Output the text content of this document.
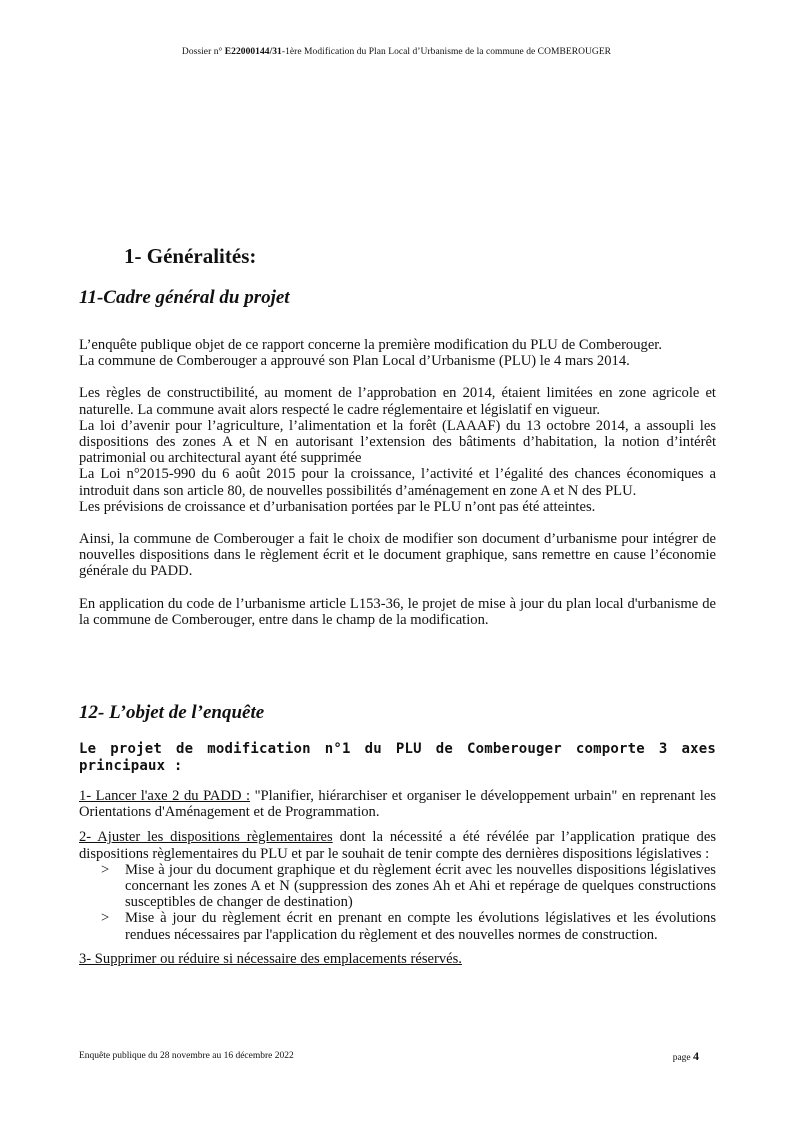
Dossier n° E22000144/31-1ère Modification du Plan Local d’Urbanisme de la commune de COMBEROUGER
1- Généralités:
11-Cadre général du projet

L’enquête publique objet de ce rapport concerne la première modification du PLU de Comberouger.

La commune de Comberouger a approuvé son Plan Local d’Urbanisme (PLU) le 4 mars 2014.

Les règles de constructibilité, au moment de l’approbation en 2014, étaient limitées en zone agricole et naturelle. La commune avait alors respecté le cadre réglementaire et législatif en vigueur.

La loi d’avenir pour l’agriculture, l’alimentation et la forêt (LAAAF) du 13 octobre 2014, a assoupli les dispositions des zones A et N en autorisant l’extension des bâtiments d’habitation, la notion d’intérêt patrimonial ou architectural ayant été supprimée

La Loi n°2015-990 du 6 août 2015 pour la croissance, l’activité et l’égalité des chances économiques a introduit dans son article 80, de nouvelles possibilités d’aménagement en zone A et N des PLU.

Les prévisions de croissance et d’urbanisation portées par le PLU n’ont pas été atteintes.

Ainsi, la commune de Comberouger a fait le choix de modifier son document d’urbanisme pour intégrer de nouvelles dispositions dans le règlement écrit et le document graphique, sans remettre en cause l’économie générale du PADD.

En application du code de l’urbanisme article L153-36, le projet de mise à jour du plan local d'urbanisme de la commune de Comberouger, entre dans le champ de la modification.

12- L’objet de l’enquête

Le projet de modification n°1 du PLU de Comberouger comporte 3 axes principaux :

1- Lancer l'axe 2 du PADD : "Planifier, hiérarchiser et organiser le développement urbain" en reprenant les Orientations d'Aménagement et de Programmation.

2- Ajuster les dispositions règlementaires dont la nécessité a été révélée par l’application pratique des dispositions règlementaires du PLU et par le souhait de tenir compte des dernières dispositions législatives :

> Mise à jour du document graphique et du règlement écrit avec les nouvelles dispositions législatives concernant les zones A et N (suppression des zones Ah et Ahi et repérage de quelques constructions susceptibles de changer de destination)
> Mise à jour du règlement écrit en prenant en compte les évolutions législatives et les évolutions rendues nécessaires par l'application du règlement et des nouvelles normes de construction.

3- Supprimer ou réduire si nécessaire des emplacements réservés.

Enquête publique du 28 novembre au 16 décembre 2022	page 4
